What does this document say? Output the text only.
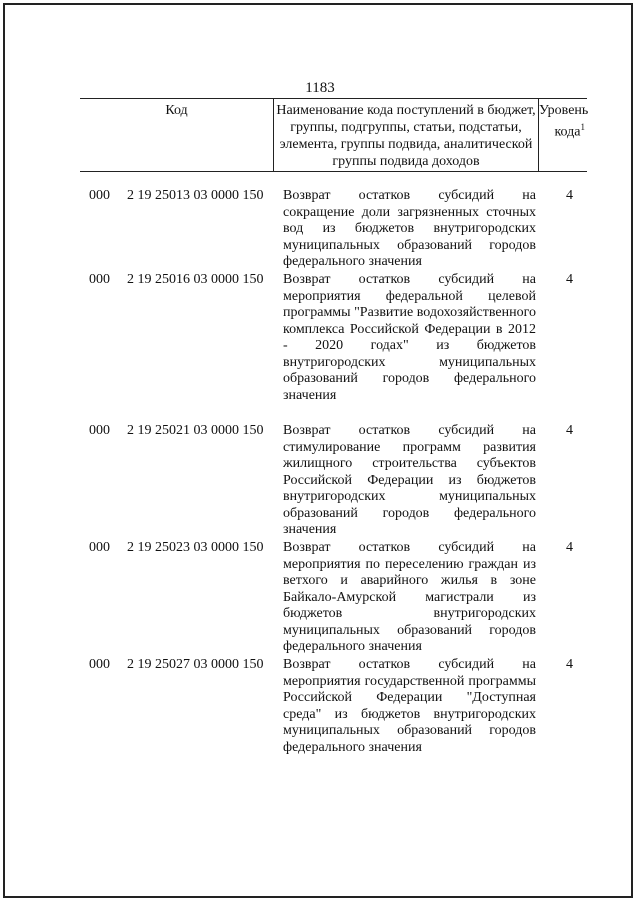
1183
Код	Наименование кода поступлений в бюджет, группы, подгруппы, статьи, подстатьи, элемента, группы подвида, аналитической группы подвида доходов
Уровень кода$^1$
000 2 19 25013 03 0000 150 Возврат остатков субсидий на сокращение доли загрязненных сточных вод из бюджетов внутригородских муниципальных образований городов федерального значения
4
000 2 19 25016 03 0000 150 Возврат остатков субсидий на мероприятия федеральной целевой программы "Развитие водохозяйственного комплекса Российской Федерации в 2012 - 2020 годах" из бюджетов внутригородских муниципальных образований городов федерального значения
4
000 2 19 25021 03 0000 150 Возврат остатков субсидий на стимулирование программ развития жилищного строительства субъектов Российской Федерации из бюджетов внутригородских муниципальных образований городов федерального значения
4
000 2 19 25023 03 0000 150 Возврат остатков субсидий на мероприятия по переселению граждан из ветхого и аварийного жилья в зоне Байкало-Амурской магистрали из бюджетов внутригородских муниципальных образований городов федерального значения
4
000 2 19 25027 03 0000 150 Возврат остатков субсидий на мероприятия государственной программы Российской Федерации "Доступная среда" из бюджетов внутригородских муниципальных образований городов федерального значения
4
